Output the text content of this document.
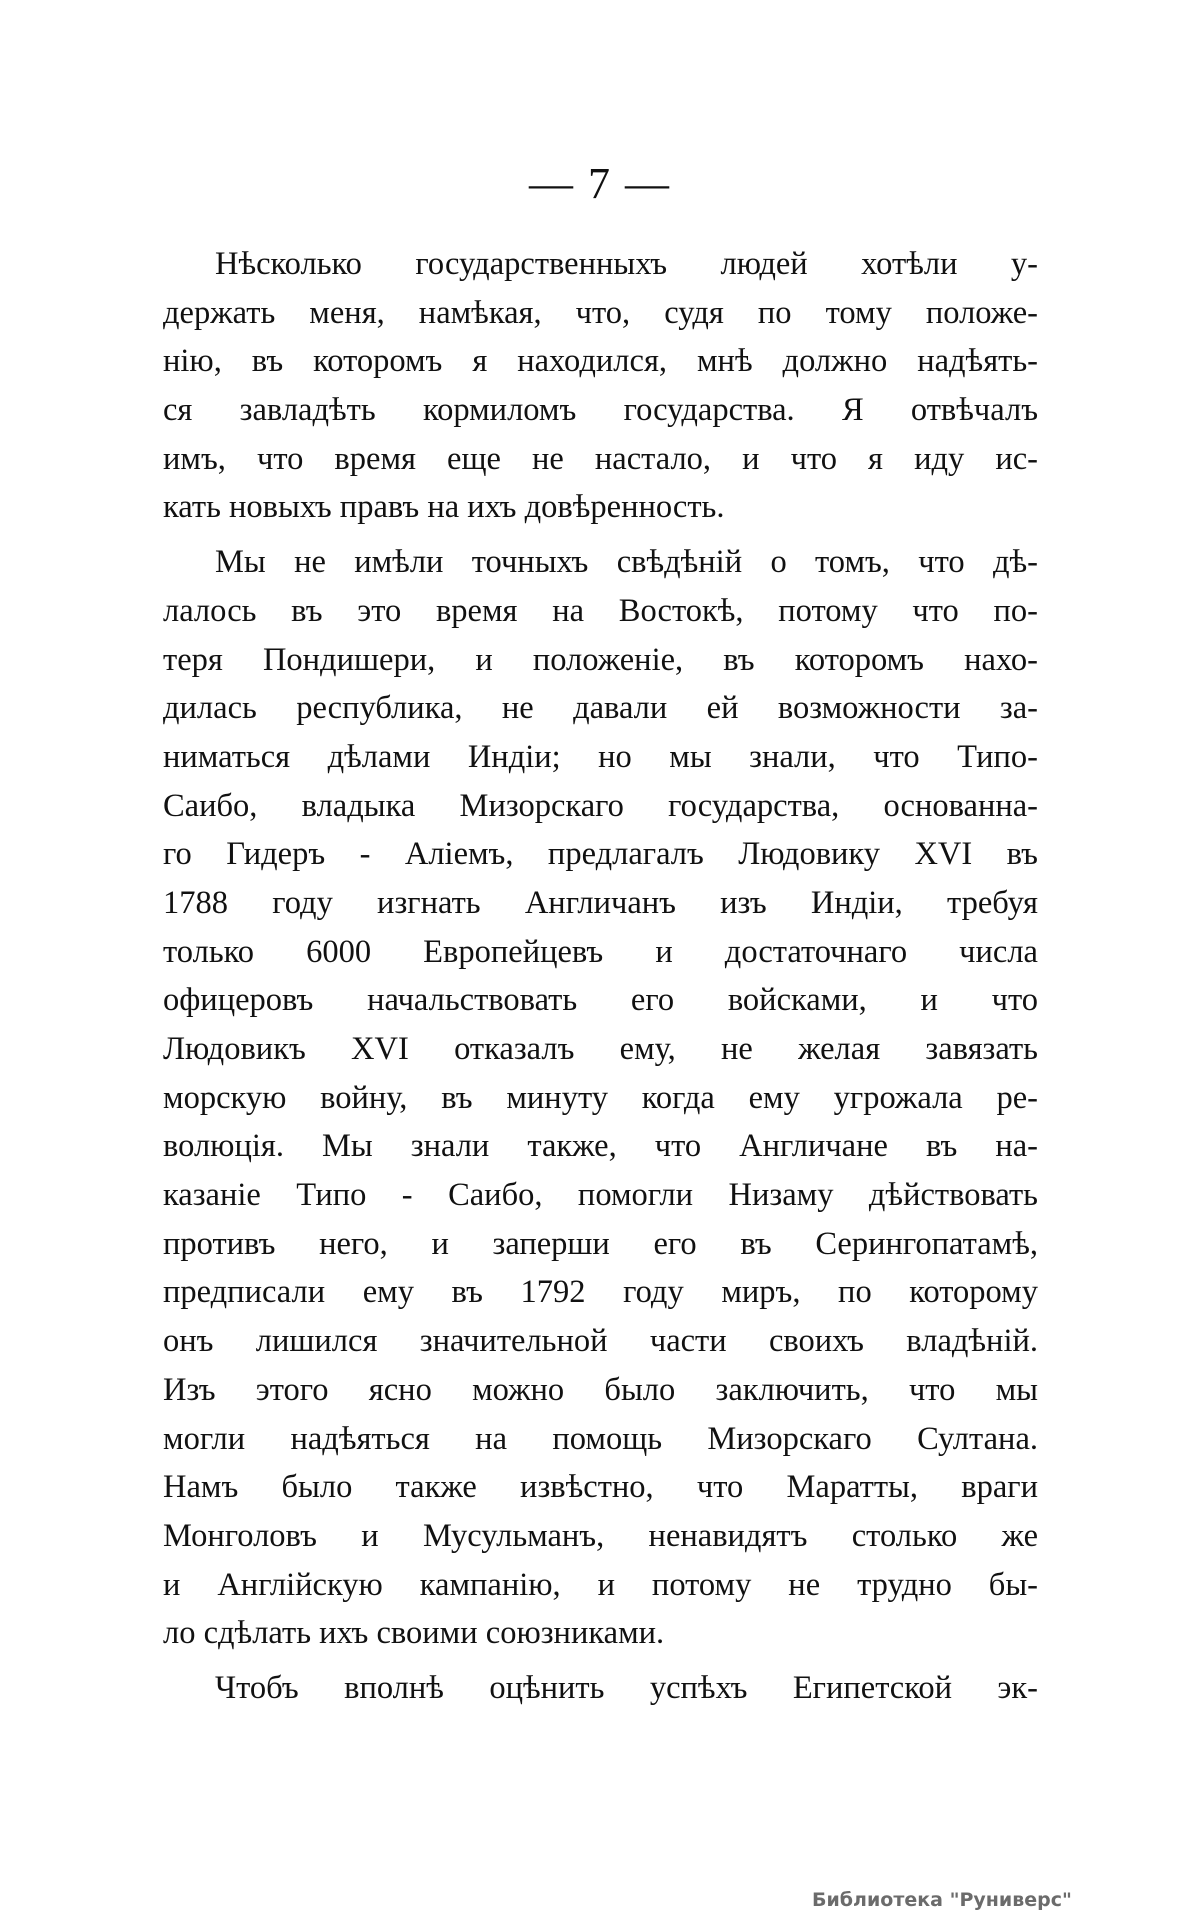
— 7 —
Нѣсколько государственныхъ людей хотѣли у-
держать меня, намѣкая, что, судя по тому положе-
нію, въ которомъ я находился, мнѣ должно надѣять-
ся завладѣть кормиломъ государства. Я отвѣчалъ
имъ, что время еще не настало, и что я иду ис-
кать новыхъ правъ на ихъ довѣренность.
Мы не имѣли точныхъ свѣдѣній о томъ, что дѣ-
лалось въ это время на Востокѣ, потому что по-
теря Пондишери, и положеніе, въ которомъ нахо-
дилась республика, не давали ей возможности за-
ниматься дѣлами Индіи; но мы знали, что Типо-
Саибо, владыка Мизорскаго государства, основанна-
го Гидеръ - Аліемъ, предлагалъ Людовику XVI въ
1788 году изгнать Англичанъ изъ Индіи, требуя
только 6000 Европейцевъ и достаточнаго числа
офицеровъ начальствовать его войсками, и что
Людовикъ XVI отказалъ ему, не желая завязать
морскую войну, въ минуту когда ему угрожала ре-
волюція. Мы знали также, что Англичане въ на-
казаніе Типо - Саибо, помогли Низаму дѣйствовать
противъ него, и заперши его въ Серингопатамѣ,
предписали ему въ 1792 году миръ, по которому
онъ лишился значительной части своихъ владѣній.
Изъ этого ясно можно было заключить, что мы
могли надѣяться на помощь Мизорскаго Султана.
Намъ было также извѣстно, что Маратты, враги
Монголовъ и Мусульманъ, ненавидятъ столько же
и Англійскую кампанію, и потому не трудно бы-
ло сдѣлать ихъ своими союзниками.
Чтобъ вполнѣ оцѣнить успѣхъ Египетской эк-
Библиотека "Руниверс"
